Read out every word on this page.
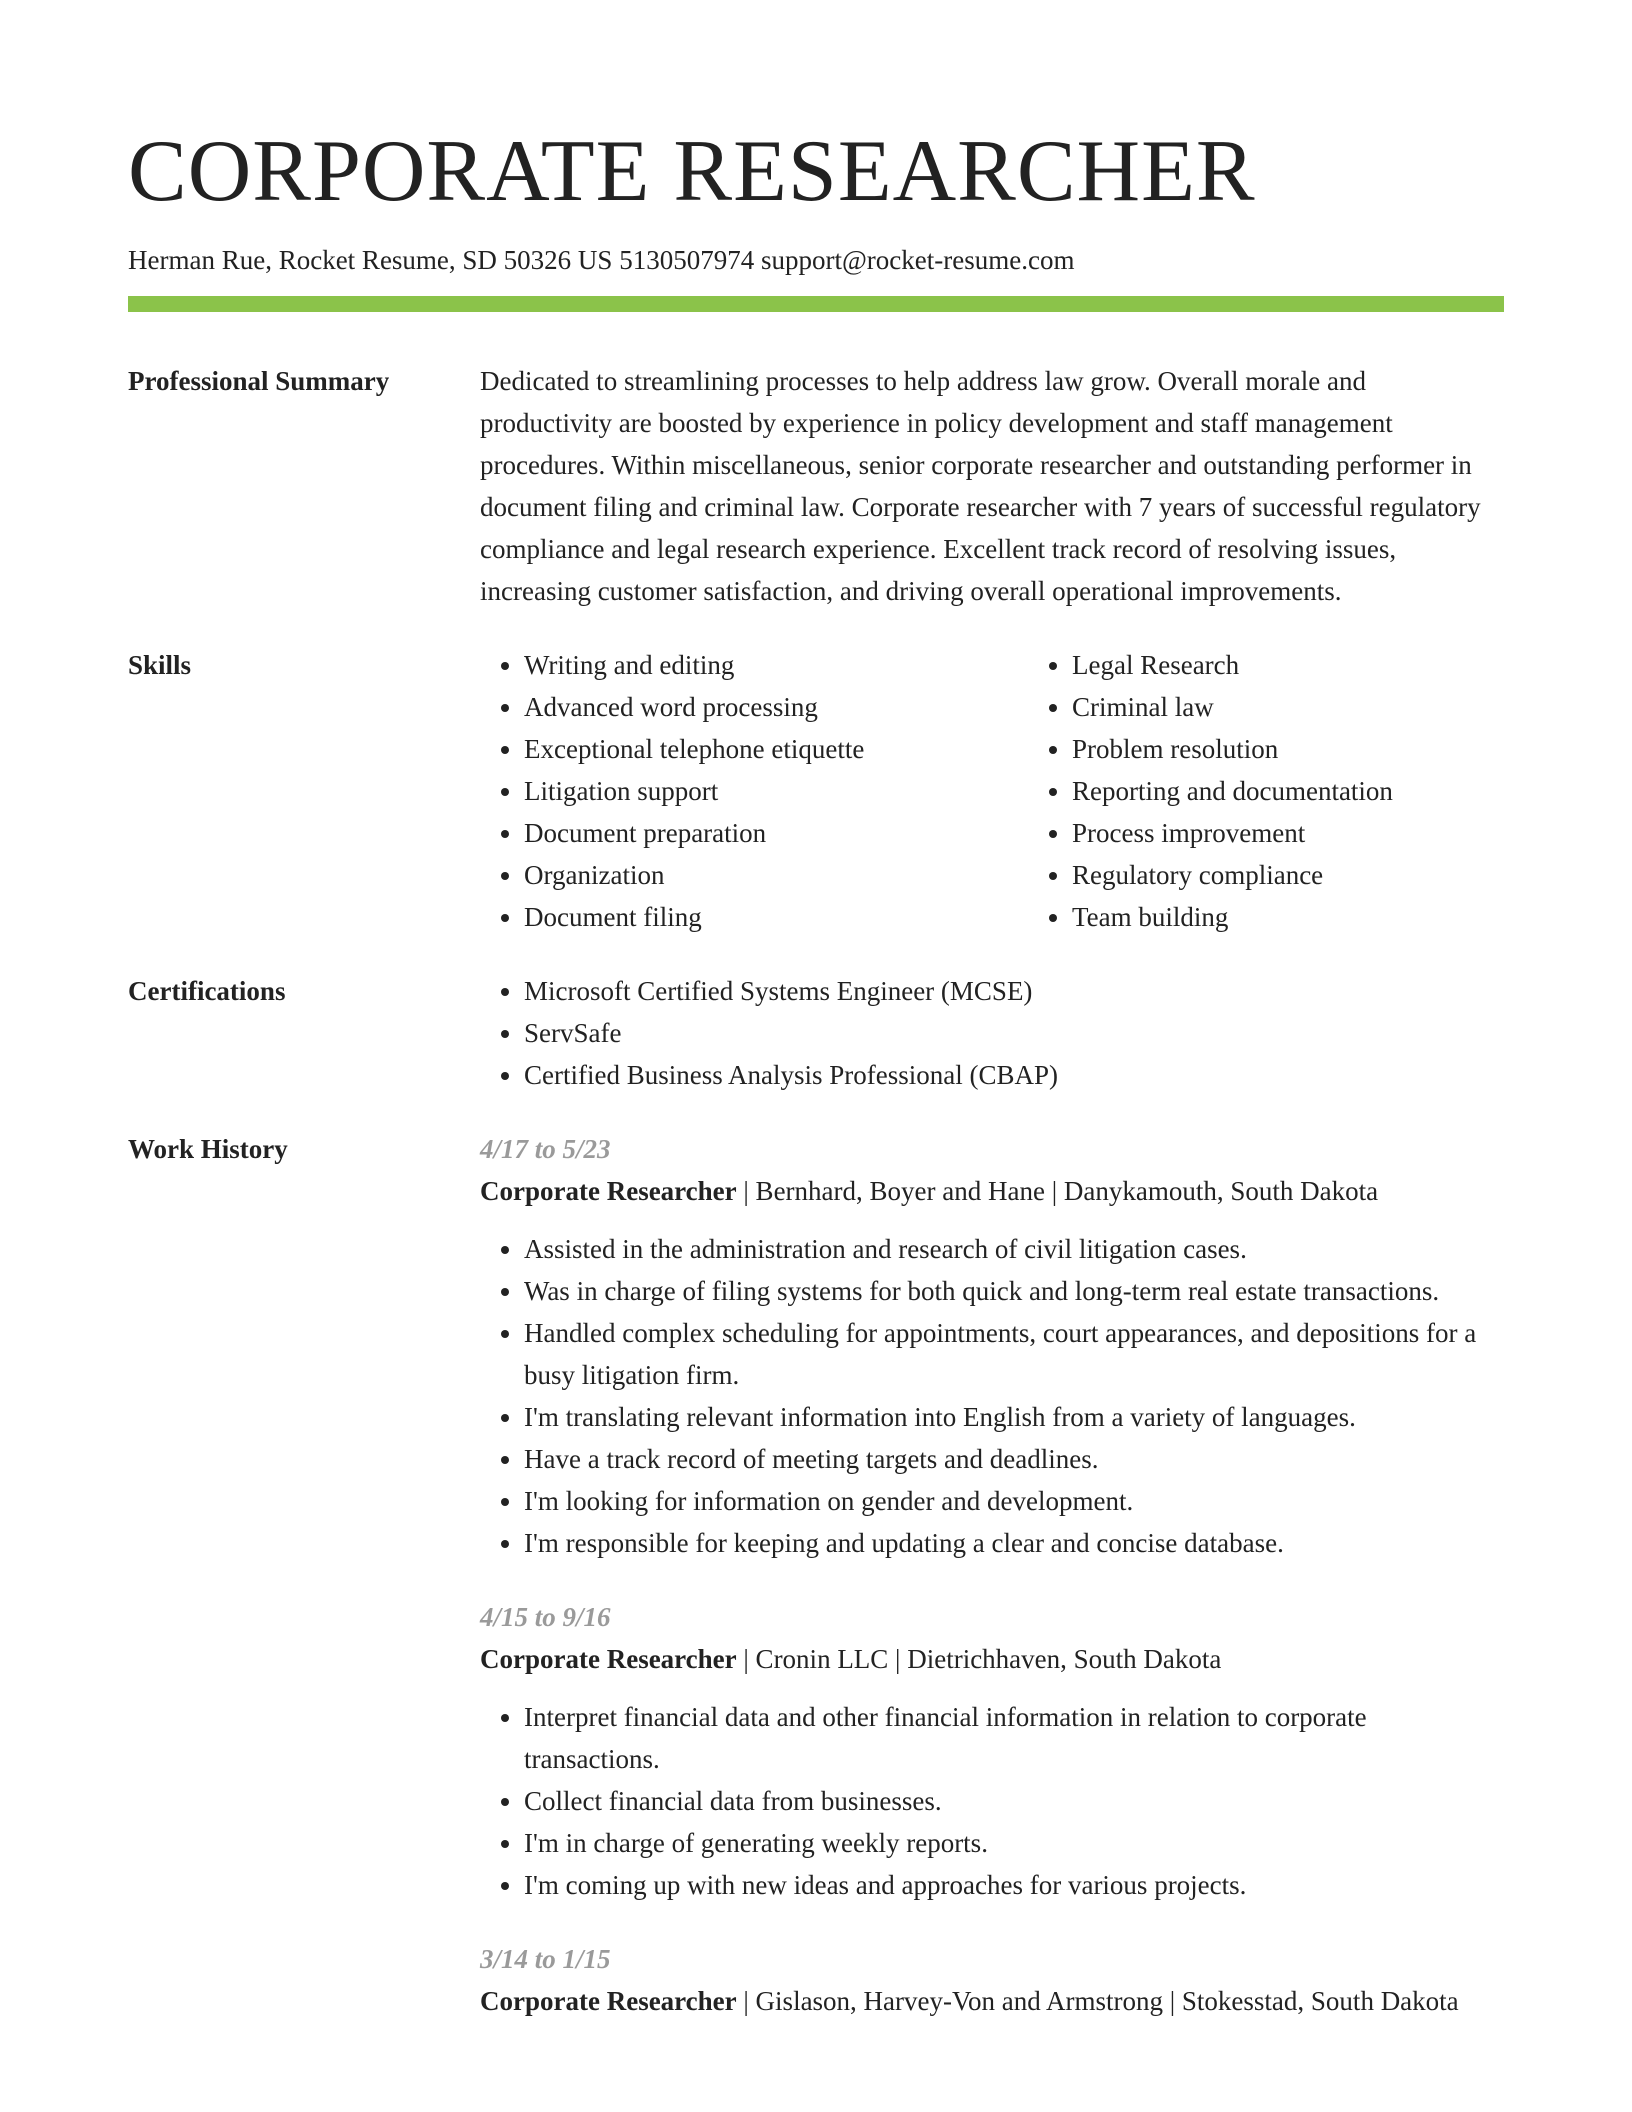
CORPORATE RESEARCHER
Herman Rue, Rocket Resume, SD 50326 US 5130507974 support@rocket-resume.com
Professional Summary	Dedicated to streamlining processes to help address law grow. Overall morale and productivity are boosted by experience in policy development and staff management procedures. Within miscellaneous, senior corporate researcher and outstanding performer in document filing and criminal law. Corporate researcher with 7 years of successful regulatory compliance and legal research experience. Excellent track record of resolving issues, increasing customer satisfaction, and driving overall operational improvements.

Skills	• Writing and editing
• Advanced word processing
• Exceptional telephone etiquette
• Litigation support
• Document preparation
• Organization
• Document filing
• Legal Research
• Criminal law
• Problem resolution
• Reporting and documentation
• Process improvement
• Regulatory compliance
• Team building
Certifications	• Microsoft Certified Systems Engineer (MCSE)
• ServSafe
• Certified Business Analysis Professional (CBAP)
Work History	4/17 to 5/23
Corporate Researcher | Bernhard, Boyer and Hane | Danykamouth, South Dakota
• Assisted in the administration and research of civil litigation cases.
• Was in charge of filing systems for both quick and long-term real estate transactions.
• Handled complex scheduling for appointments, court appearances, and depositions for a busy litigation firm.
• I'm translating relevant information into English from a variety of languages.
• Have a track record of meeting targets and deadlines.
• I'm looking for information on gender and development.
• I'm responsible for keeping and updating a clear and concise database.
4/15 to 9/16
Corporate Researcher | Cronin LLC | Dietrichhaven, South Dakota
• Interpret financial data and other financial information in relation to corporate transactions.
• Collect financial data from businesses.
• I'm in charge of generating weekly reports.
• I'm coming up with new ideas and approaches for various projects.
3/14 to 1/15
Corporate Researcher | Gislason, Harvey-Von and Armstrong | Stokesstad, South Dakota
